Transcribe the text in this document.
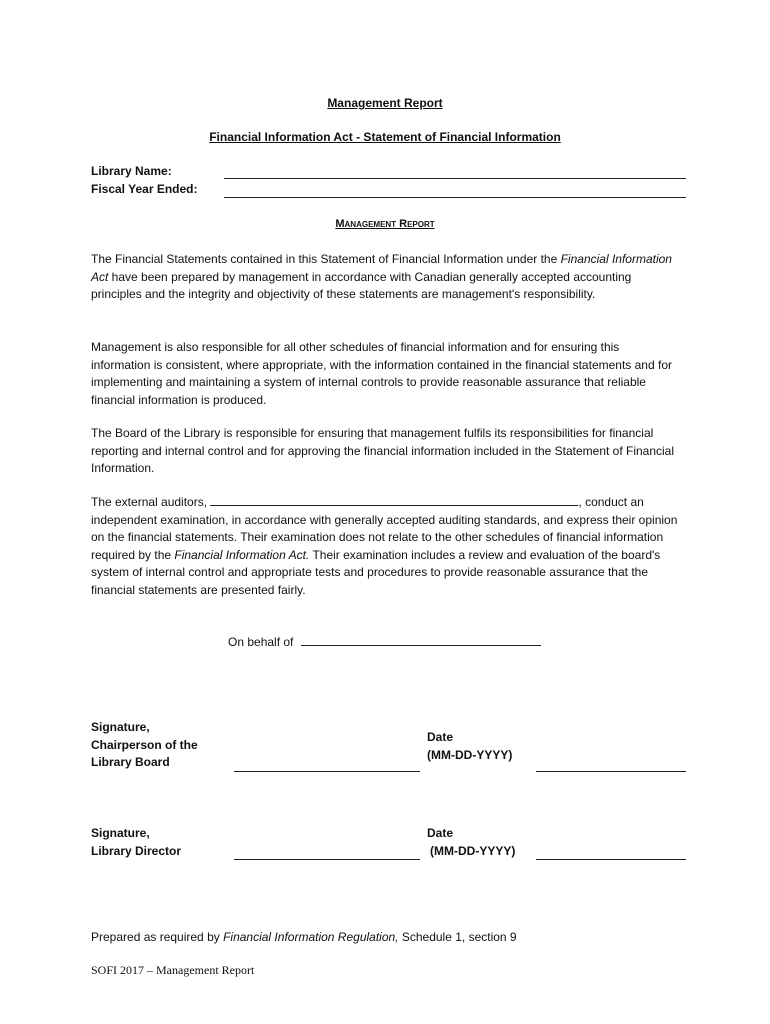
Management Report
Financial Information Act - Statement of Financial Information
Library Name:
Fiscal Year Ended:
Management Report

The Financial Statements contained in this Statement of Financial Information under the Financial Information Act have been prepared by management in accordance with Canadian generally accepted accounting principles and the integrity and objectivity of these statements are management's responsibility.

Management is also responsible for all other schedules of financial information and for ensuring this information is consistent, where appropriate, with the information contained in the financial statements and for implementing and maintaining a system of internal controls to provide reasonable assurance that reliable financial information is produced.

The Board of the Library is responsible for ensuring that management fulfils its responsibilities for financial reporting and internal control and for approving the financial information included in the Statement of Financial Information.

The external auditors,	, conduct an independent examination, in accordance with generally accepted auditing standards, and express their opinion on the financial statements. Their examination does not relate to the other schedules of financial information required by the Financial Information Act. Their examination includes a review and evaluation of the board's system of internal control and appropriate tests and procedures to provide reasonable assurance that the financial statements are presented fairly.

On behalf of
Signature,
Chairperson of the
Library Board
Date
(MM-DD-YYYY)
Signature,
Library Director
Date
(MM-DD-YYYY)
Prepared as required by Financial Information Regulation, Schedule 1, section 9
SOFI 2017 – Management Report
